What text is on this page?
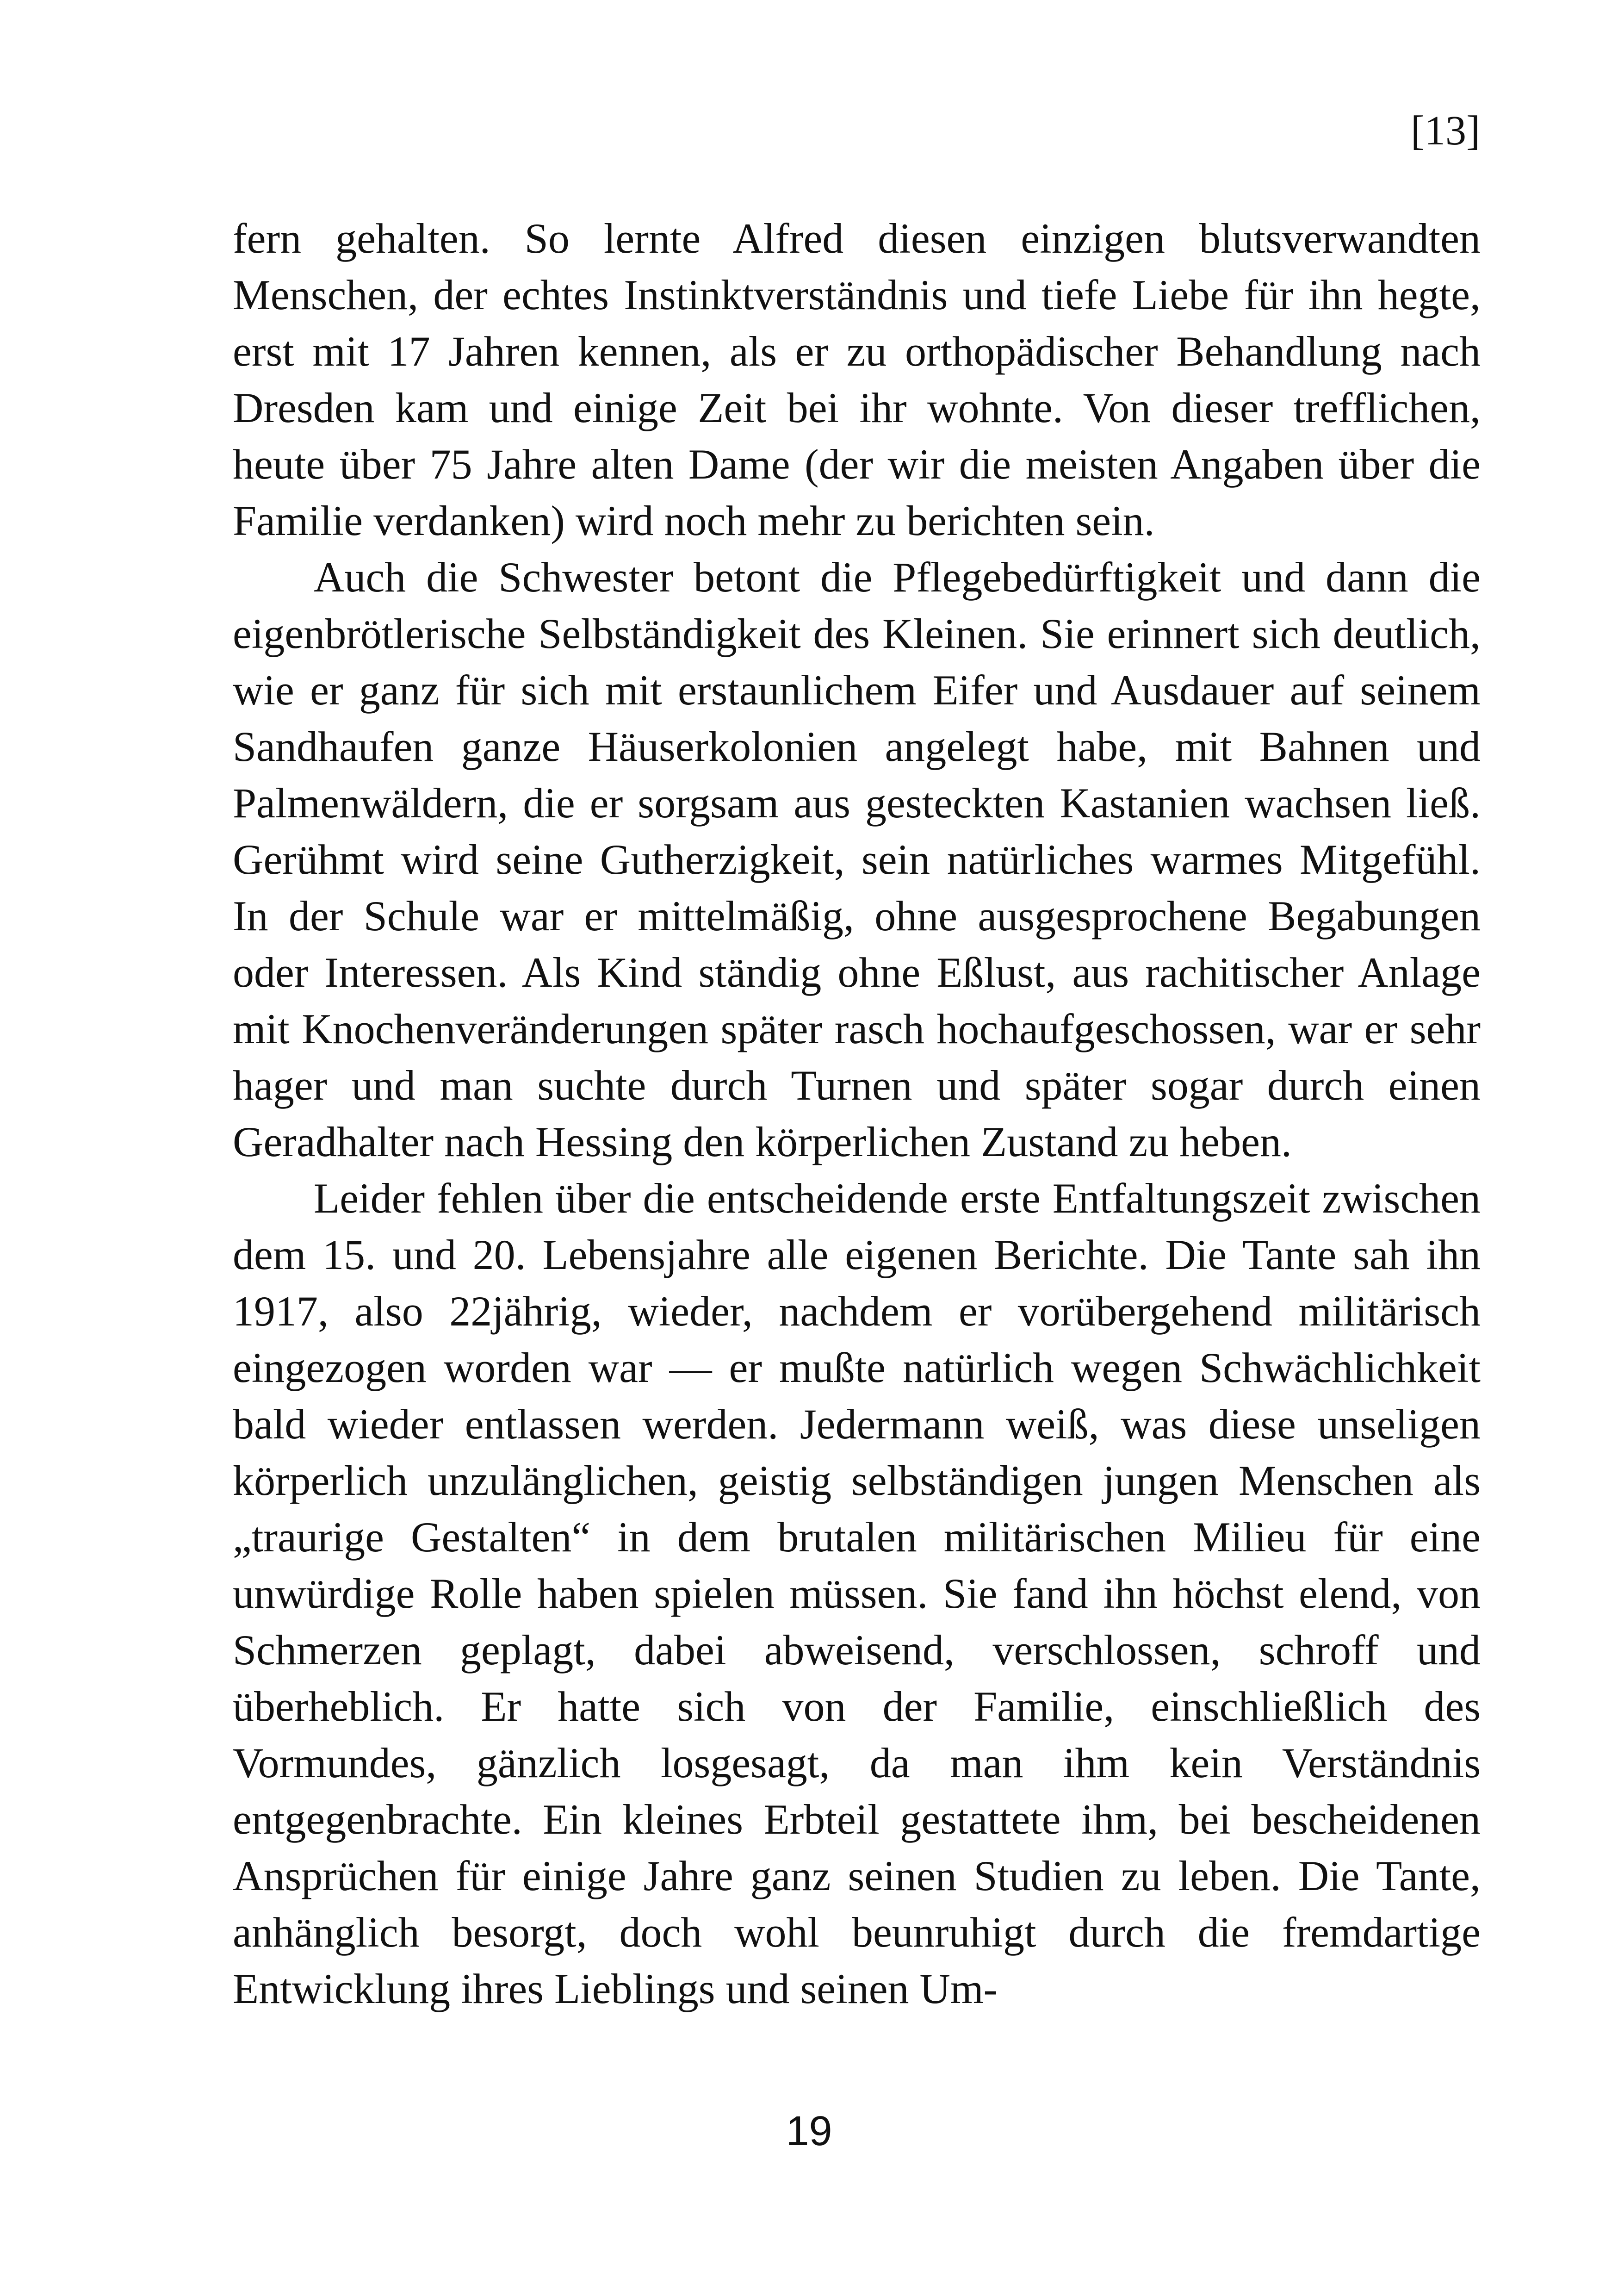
[13]

fern gehalten. So lernte Alfred diesen einzigen blutsverwandten Menschen, der echtes Instinktverständnis und tiefe Liebe für ihn hegte, erst mit 17 Jahren kennen, als er zu orthopädischer Behandlung nach Dresden kam und einige Zeit bei ihr wohnte. Von dieser trefflichen, heute über 75 Jahre alten Dame (der wir die meisten Angaben über die Familie verdanken) wird noch mehr zu berichten sein.

Auch die Schwester betont die Pflegebedürftigkeit und dann die eigenbrötlerische Selbständigkeit des Kleinen. Sie erinnert sich deutlich, wie er ganz für sich mit erstaunlichem Eifer und Ausdauer auf seinem Sandhaufen ganze Häuserkolonien angelegt habe, mit Bahnen und Palmenwäldern, die er sorgsam aus gesteckten Kastanien wachsen ließ. Gerühmt wird seine Gutherzigkeit, sein natürliches warmes Mitgefühl. In der Schule war er mittelmäßig, ohne ausgesprochene Begabungen oder Interessen. Als Kind ständig ohne Eßlust, aus rachitischer Anlage mit Knochenveränderungen später rasch hochaufgeschossen, war er sehr hager und man suchte durch Turnen und später sogar durch einen Geradhalter nach Hessing den körperlichen Zustand zu heben.

Leider fehlen über die entscheidende erste Entfaltungszeit zwischen dem 15. und 20. Lebensjahre alle eigenen Berichte. Die Tante sah ihn 1917, also 22jährig, wieder, nachdem er vorübergehend militärisch eingezogen worden war — er mußte natürlich wegen Schwächlichkeit bald wieder entlassen werden. Jedermann weiß, was diese unseligen körperlich unzulänglichen, geistig selbständigen jungen Menschen als „traurige Gestalten“ in dem brutalen militärischen Milieu für eine unwürdige Rolle haben spielen müssen. Sie fand ihn höchst elend, von Schmerzen geplagt, dabei abweisend, verschlossen, schroff und überheblich. Er hatte sich von der Familie, einschließlich des Vormundes, gänzlich losgesagt, da man ihm kein Verständnis entgegenbrachte. Ein kleines Erbteil gestattete ihm, bei bescheidenen Ansprüchen für einige Jahre ganz seinen Studien zu leben. Die Tante, anhänglich besorgt, doch wohl beunruhigt durch die fremdartige Entwicklung ihres Lieblings und seinen Um-

19
